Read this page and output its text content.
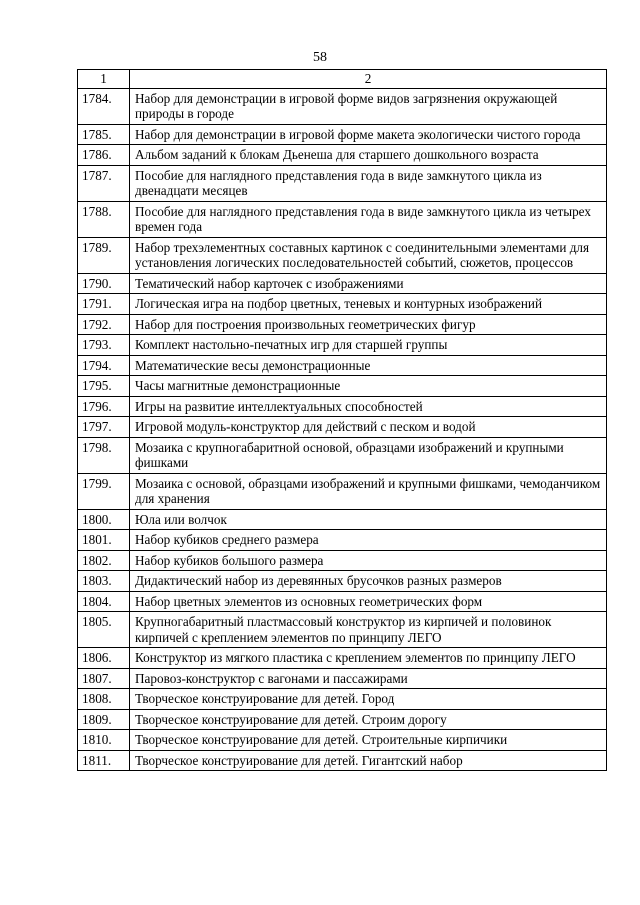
58
1	2
1784.	Набор для демонстрации в игровой форме видов загрязнения окружающей природы в городе
1785.	Набор для демонстрации в игровой форме макета экологически чистого города
1786.	Альбом заданий к блокам Дьенеша для старшего дошкольного возраста
1787.	Пособие для наглядного представления года в виде замкнутого цикла из двенадцати месяцев
1788.	Пособие для наглядного представления года в виде замкнутого цикла из четырех времен года
1789.	Набор трехэлементных составных картинок с соединительными элементами для установления логических последовательностей событий, сюжетов, процессов
1790.	Тематический набор карточек с изображениями
1791.	Логическая игра на подбор цветных, теневых и контурных изображений
1792.	Набор для построения произвольных геометрических фигур
1793.	Комплект настольно-печатных игр для старшей группы
1794.	Математические весы демонстрационные
1795.	Часы магнитные демонстрационные
1796.	Игры на развитие интеллектуальных способностей
1797.	Игровой модуль-конструктор для действий с песком и водой
1798.	Мозаика с крупногабаритной основой, образцами изображений и крупными фишками
1799.	Мозаика с основой, образцами изображений и крупными фишками, чемоданчиком для хранения
1800.	Юла или волчок
1801.	Набор кубиков среднего размера
1802.	Набор кубиков большого размера
1803.	Дидактический набор из деревянных брусочков разных размеров
1804.	Набор цветных элементов из основных геометрических форм
1805.	Крупногабаритный пластмассовый конструктор из кирпичей и половинок кирпичей с креплением элементов по принципу ЛЕГО
1806.	Конструктор из мягкого пластика с креплением элементов по принципу ЛЕГО
1807.	Паровоз-конструктор с вагонами и пассажирами
1808.	Творческое конструирование для детей. Город
1809.	Творческое конструирование для детей. Строим дорогу
1810.	Творческое конструирование для детей. Строительные кирпичики
1811.	Творческое конструирование для детей. Гигантский набор
